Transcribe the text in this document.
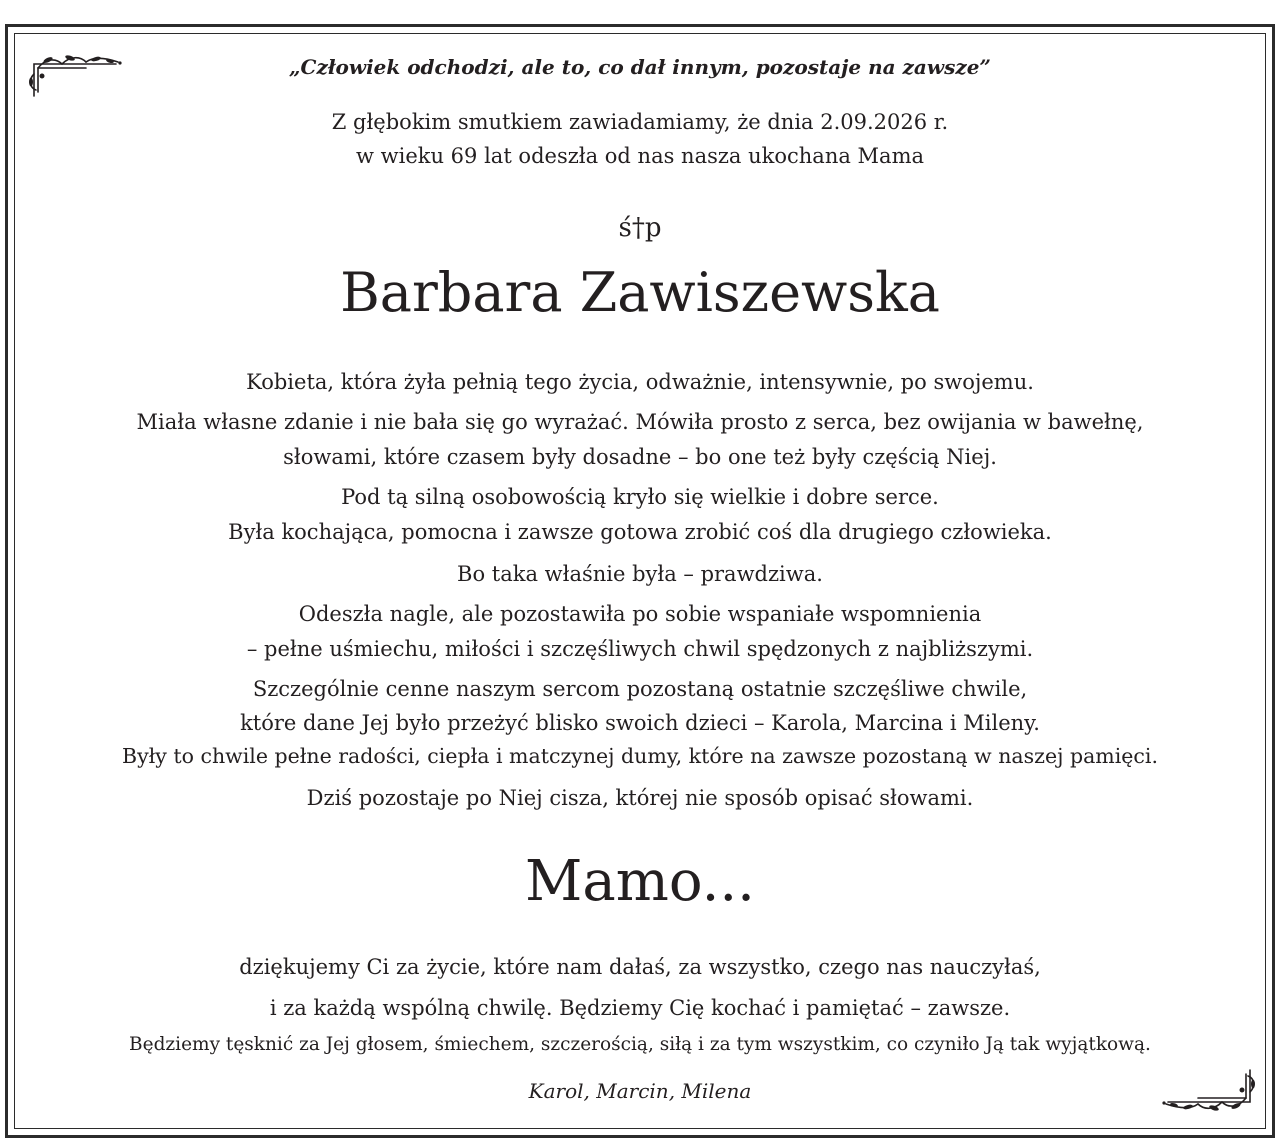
„Człowiek odchodzi, ale to, co dał innym, pozostaje na zawsze”
Z głębokim smutkiem zawiadamiamy, że dnia 2.09.2026 r.
w wieku 69 lat odeszła od nas nasza ukochana Mama
ś†p
Barbara Zawiszewska
Kobieta, która żyła pełnią tego życia, odważnie, intensywnie, po swojemu.
Miała własne zdanie i nie bała się go wyrażać. Mówiła prosto z serca, bez owijania w bawełnę,
słowami, które czasem były dosadne – bo one też były częścią Niej.
Pod tą silną osobowością kryło się wielkie i dobre serce.
Była kochająca, pomocna i zawsze gotowa zrobić coś dla drugiego człowieka.
Bo taka właśnie była – prawdziwa.
Odeszła nagle, ale pozostawiła po sobie wspaniałe wspomnienia
– pełne uśmiechu, miłości i szczęśliwych chwil spędzonych z najbliższymi.
Szczególnie cenne naszym sercom pozostaną ostatnie szczęśliwe chwile,
które dane Jej było przeżyć blisko swoich dzieci – Karola, Marcina i Mileny.
Były to chwile pełne radości, ciepła i matczynej dumy, które na zawsze pozostaną w naszej pamięci.
Dziś pozostaje po Niej cisza, której nie sposób opisać słowami.
Mamo...
dziękujemy Ci za życie, które nam dałaś, za wszystko, czego nas nauczyłaś,
i za każdą wspólną chwilę. Będziemy Cię kochać i pamiętać – zawsze.
Będziemy tęsknić za Jej głosem, śmiechem, szczerością, siłą i za tym wszystkim, co czyniło Ją tak wyjątkową.
Karol, Marcin, Milena
